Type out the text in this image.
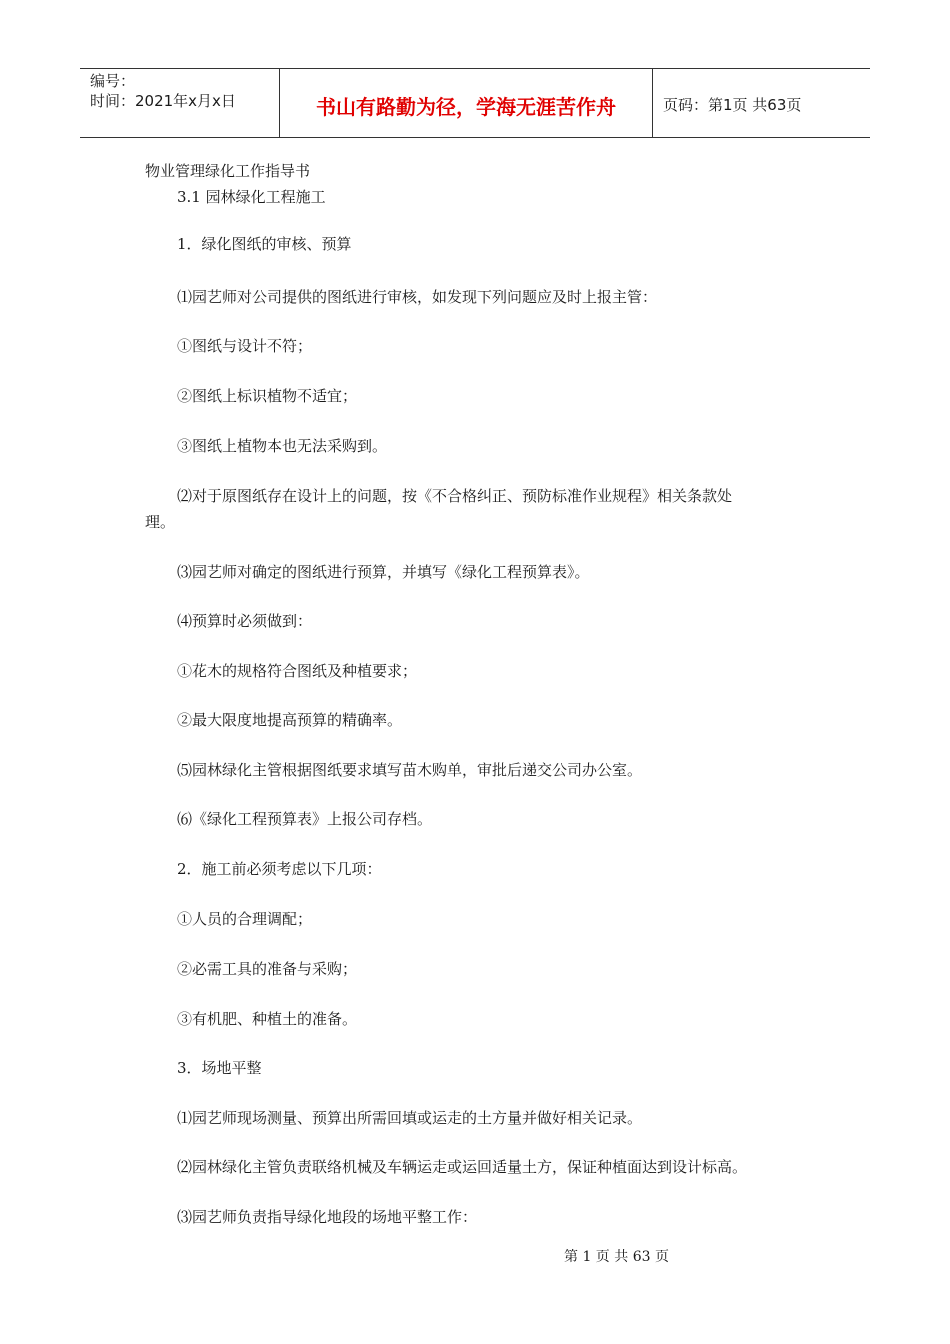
编号：
时间：2021年x月x日	书山有路勤为径，学海无涯苦作舟	页码：第1页 共63页
物业管理绿化工作指导书
3.1 园林绿化工程施工
1．绿化图纸的审核、预算
⑴园艺师对公司提供的图纸进行审核，如发现下列问题应及时上报主管：
①图纸与设计不符；
②图纸上标识植物不适宜；
③图纸上植物本也无法采购到。
⑵对于原图纸存在设计上的问题，按《不合格纠正、预防标准作业规程》相关条款处
理。
⑶园艺师对确定的图纸进行预算，并填写《绿化工程预算表》。
⑷预算时必须做到：
①花木的规格符合图纸及种植要求；
②最大限度地提高预算的精确率。
⑸园林绿化主管根据图纸要求填写苗木购单，审批后递交公司办公室。
⑹《绿化工程预算表》上报公司存档。
2．施工前必须考虑以下几项：
①人员的合理调配；
②必需工具的准备与采购；
③有机肥、种植土的准备。
3．场地平整
⑴园艺师现场测量、预算出所需回填或运走的土方量并做好相关记录。
⑵园林绿化主管负责联络机械及车辆运走或运回适量土方，保证种植面达到设计标高。
⑶园艺师负责指导绿化地段的场地平整工作：
第 1 页 共 63 页
